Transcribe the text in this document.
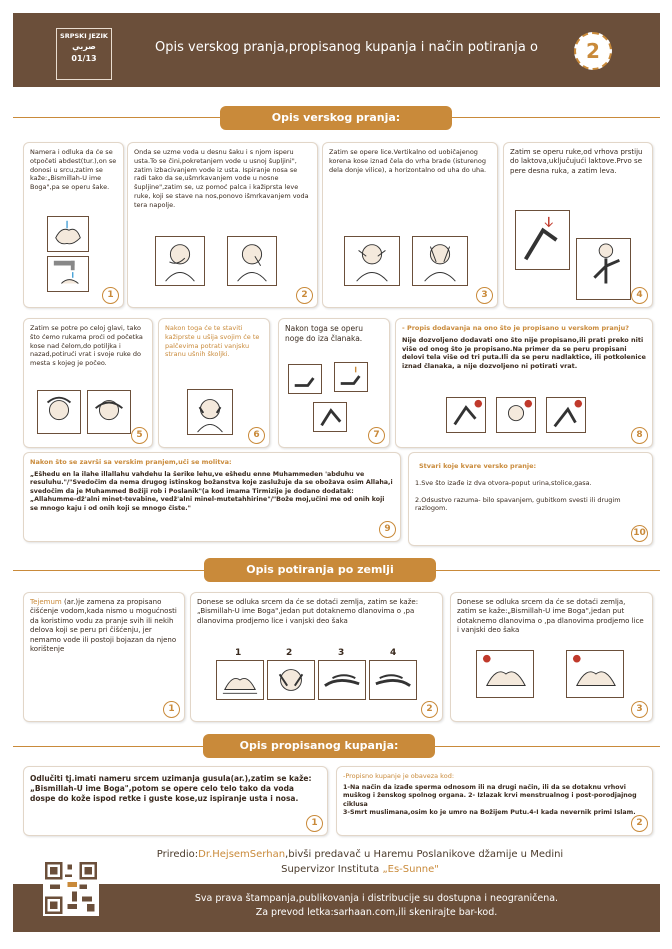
SRPSKI JEZIK
صربي
01/13
Opis verskog pranja,propisanog kupanja i način potiranja o	2
Opis verskog pranja:
Namera i odluka da će se otpočeti abdest(tur.),on se donosi u srcu,zatim se kaže:„Bismillah-U ime Boga",pa se operu šake.
1
Onda se uzme voda u desnu šaku i s njom isperu usta.To se čini,pokretanjem vode u usnoj šupljini", zatim izbacivanjem vode iz usta. Ispiranje nosa se radi tako da se,ušmrkavanjem vode u nosne šupljine",zatim se, uz pomoć palca i kažiprsta leve ruke, koji se stave na nos,ponovo išmrkavanjem voda tera napolje.
2
Zatim se opere lice.Vertikalno od uobičajenog korena kose iznad čela do vrha brade (isturenog dela donje vilice), a horizontalno od uha do uha.
3
Zatim se operu ruke,od vrhova prstiju do laktova,uključujući laktove.Prvo se pere desna ruka, a zatim leva.
4
Zatim se potre po celoj glavi, tako što ćemo rukama proći od početka kose nad čelom,do potiljka i nazad,potirući vrat i svoje ruke do mesta s kojeg je počeo.
5
Nakon toga će te staviti kažiprste u ušija svojim će te palčevima potrati vanjsku stranu ušnih školjki.
6
Nakon toga se operu noge do iza članaka.
7
- Propis dodavanja na ono što je propisano u verskom pranju?
Nije dozvoljeno dodavati ono što nije propisano,ili prati preko niti više od onog što je propisano.Na primer da se peru propisani delovi tela više od tri puta.Ili da se peru nadlaktice, ili potkolenice iznad članaka, a nije dozvoljeno ni potirati vrat.
8
Nakon što se završi sa verskim pranjem,uči se molitva:
„Ešhedu en la ilahe illallahu vahdehu la šerike lehu,ve ešhedu enne Muhammeden 'abduhu ve resuluhu."/"Svedočim da nema drugog istinskog božanstva koje zaslužuje da se obožava osim Allaha,i svedočim da je Muhammed Božiji rob i Poslanik"(a kod imama Tirmizije je dodano dodatak: „Allahumme-dž'alni minet-tevabine, vedž'alni minel-mutetahhirine"/"Bože moj,učini me od onih koji se mnogo kaju i od onih koji se mnogo čiste."
9
Stvari koje kvare versko pranje:
1.Sve što izađe iz dva otvora-poput urina,stolice,gasa.
2.Odsustvo razuma- bilo spavanjem, gubitkom svesti ili drugim razlogom.
10
Opis potiranja po zemlji
Tejemum (ar.)je zamena za propisano čišćenje vodom,kada nismo u mogućnosti da koristimo vodu za pranje svih ili nekih delova koji se peru pri čišćenju, jer nemamo vode ili postoji bojazan da njeno korištenje
1
Donese se odluka srcem da će se dotaći zemlja, zatim se kaže:„Bismillah-U ime Boga",jedan put dotaknemo dlanovima o ,pa dlanovima prodjemo lice i vanjski deo šaka
2
1	2	3	4
Donese se odluka srcem da će se dotaći zemlja, zatim se kaže:„Bismillah-U ime Boga",jedan put dotaknemo dlanovima o ,pa dlanovima prodjemo lice i vanjski deo šaka
3
Opis propisanog kupanja:
Odlučiti tj.imati nameru srcem uzimanja gusula(ar.),zatim se kaže:„Bismillah-U ime Boga",potom se opere celo telo tako da voda dospe do kože ispod retke i guste kose,uz ispiranje usta i nosa.
1
-Propisno kupanje je obaveza kod:
1-Na način da izađe sperma odnosom ili na drugi način, ili da se dotaknu vrhovi muškog i ženskog spolnog organa. 2- Izlazak krvi menstrualnog i post-porodjajnog ciklusa
3-Smrt muslimana,osim ko je umro na Božijem Putu.4-I kada nevernik primi Islam.
2
Priredio:Dr.HejsemSerhan,bivši predavač u Haremu Poslanikove džamije u Medini
Supervizor Instituta „Es-Sunne"
Sva prava štampanja,publikovanja i distribucije su dostupna i neograničena.
Za prevod letka:sarhaan.com,ili skenirajte bar-kod.
